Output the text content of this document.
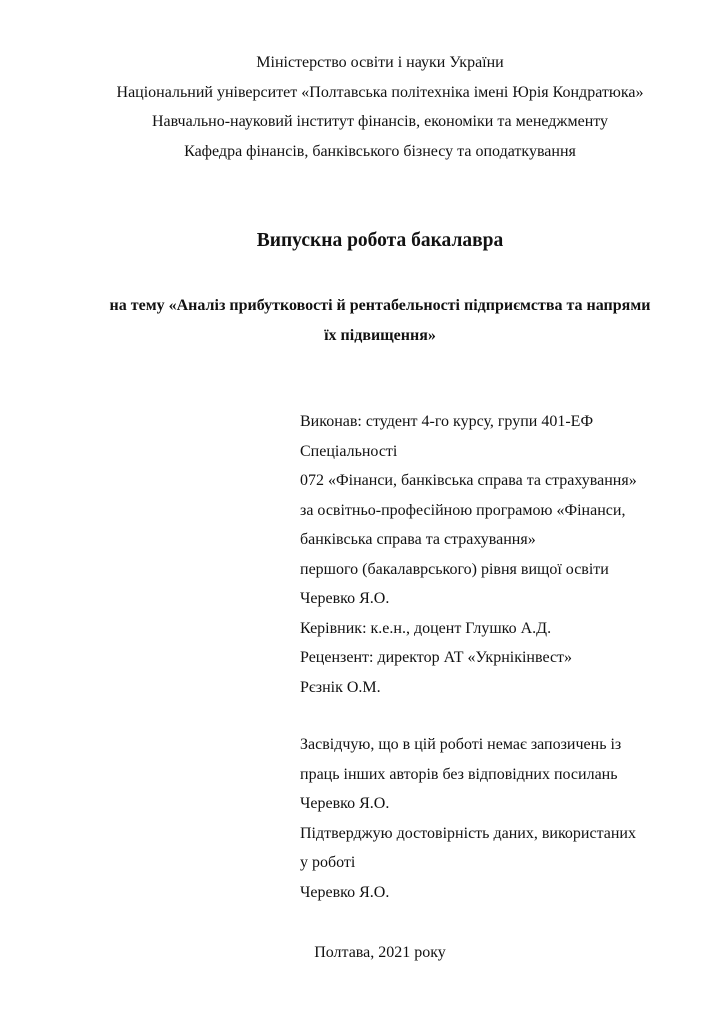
Міністерство освіти і науки України
Національний університет «Полтавська політехніка імені Юрія Кондратюка»
Навчально-науковий інститут фінансів, економіки та менеджменту
Кафедра фінансів, банківського бізнесу та оподаткування
Випускна робота бакалавра
на тему «Аналіз прибутковості й рентабельності підприємства та напрями
їх підвищення»
Виконав: студент 4-го курсу, групи 401-ЕФ
Спеціальності
072 «Фінанси, банківська справа та страхування»
за освітньо-професійною програмою «Фінанси,
банківська справа та страхування»
першого (бакалаврського) рівня вищої освіти
Черевко Я.О.
Керівник: к.е.н., доцент Глушко А.Д.
Рецензент: директор АТ «Укрнікінвест»
Рєзнік О.М.
Засвідчую, що в цій роботі немає запозичень із
праць інших авторів без відповідних посилань
Черевко Я.О.
Підтверджую достовірність даних, використаних
у роботі
Черевко Я.О.
Полтава, 2021 року
